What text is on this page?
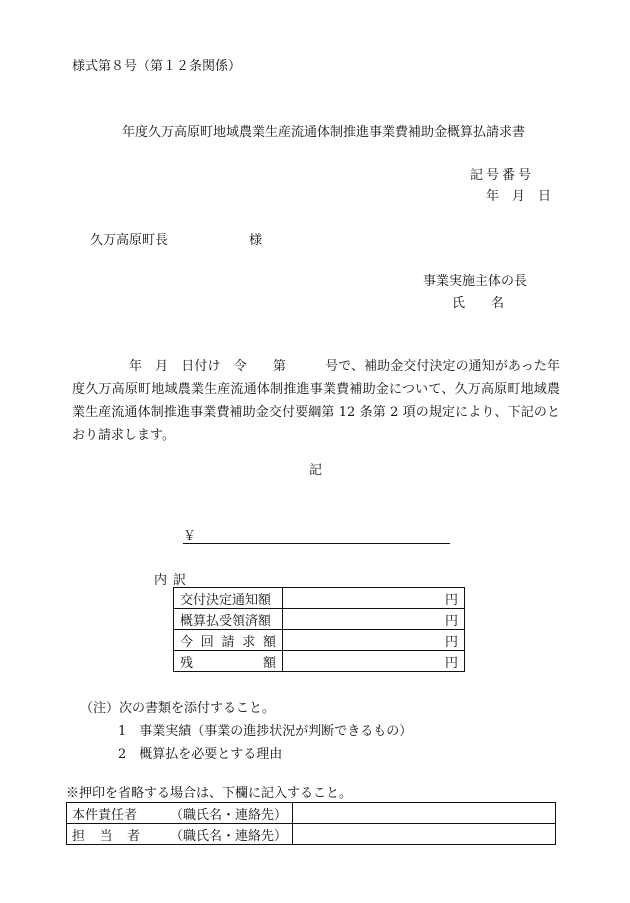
様式第８号（第１２条関係）
年度久万高原町地域農業生産流通体制推進事業費補助金概算払請求書
記号番号
年　月　日
久万高原町長	様
事業実施主体の長
氏　　名
年　月　日付け　令　　第　　　号で、補助金交付決定の通知があった年度久万高原町地域農業生産流通体制推進事業費補助金について、久万高原町地域農業生産流通体制推進事業費補助金交付要綱第 12 条第 2 項の規定により、下記のとおり請求します。
記
￥
内訳
交付決定通知額	円
概算払受領済額	円

今 回 請 求 額	円

残 額	円
（注）次の書類を添付すること。
1　事業実績（事業の進捗状況が判断できるもの）
2　概算払を必要とする理由
※押印を省略する場合は、下欄に記入すること。
本件責任者 （職氏名・連絡先）	

担 当 者 （職氏名・連絡先）	
